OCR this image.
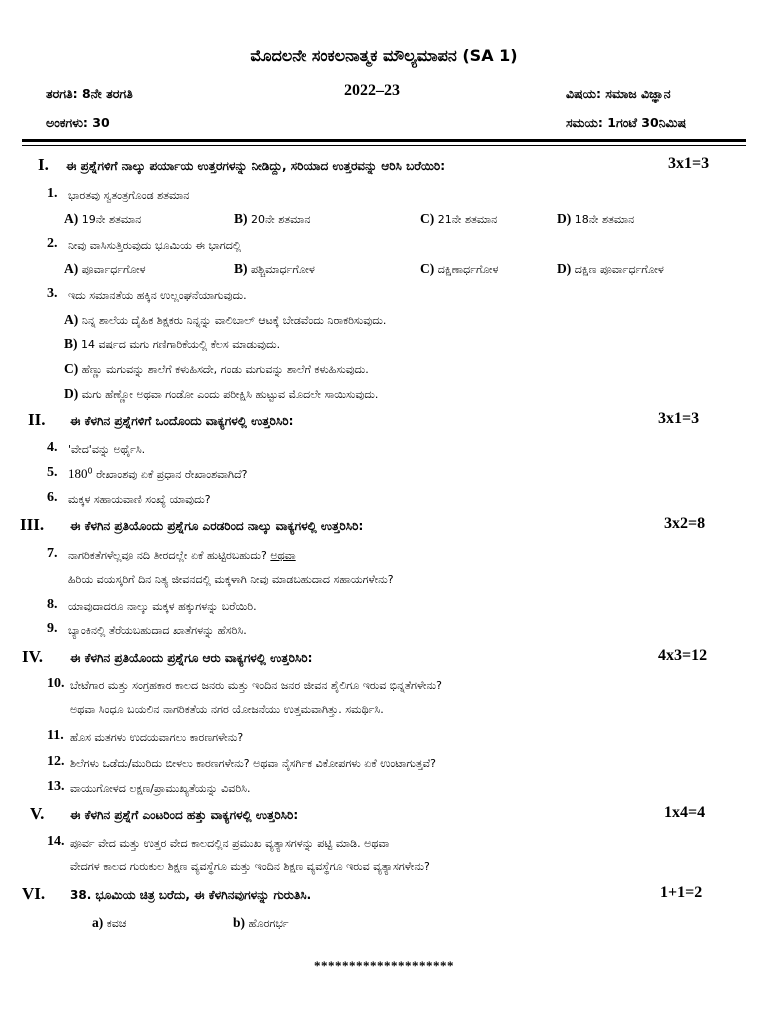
ಮೊದಲನೇ ಸಂಕಲನಾತ್ಮಕ ಮೌಲ್ಯಮಾಪನ (SA 1)
ತರಗತಿ: 8ನೇ ತರಗತಿ	2022–23	ವಿಷಯ: ಸಮಾಜ ವಿಜ್ಞಾನ
ಅಂಕಗಳು: 30	ಸಮಯ: 1ಗಂಟೆ 30ನಿಮಿಷ
I. ಈ ಪ್ರಶ್ನೆಗಳಿಗೆ ನಾಲ್ಕು ಪರ್ಯಾಯ ಉತ್ತರಗಳನ್ನು ನೀಡಿದ್ದು, ಸರಿಯಾದ ಉತ್ತರವನ್ನು ಆರಿಸಿ ಬರೆಯಿರಿ:	3x1=3
1. ಭಾರತವು ಸ್ವತಂತ್ರಗೊಂಡ ಶತಮಾನ
A) 19ನೇ ಶತಮಾನ	B) 20ನೇ ಶತಮಾನ	C) 21ನೇ ಶತಮಾನ	D) 18ನೇ ಶತಮಾನ
2. ನೀವು ವಾಸಿಸುತ್ತಿರುವುದು ಭೂಮಿಯ ಈ ಭಾಗದಲ್ಲಿ
A) ಪೂರ್ವಾರ್ಧಗೋಳ	B) ಪಶ್ಚಿಮಾರ್ಧಗೋಳ	C) ದಕ್ಷಿಣಾರ್ಧಗೋಳ	D) ದಕ್ಷಿಣ ಪೂರ್ವಾರ್ಧಗೋಳ
3. ಇದು ಸಮಾನತೆಯ ಹಕ್ಕಿನ ಉಲ್ಲಂಘನೆಯಾಗುವುದು.
A) ನಿನ್ನ ಶಾಲೆಯ ದೈಹಿಕ ಶಿಕ್ಷಕರು ನಿನ್ನನ್ನು ವಾಲಿಬಾಲ್ ಆಟಕ್ಕೆ ಬೇಡವೆಂದು ನಿರಾಕರಿಸುವುದು.
B) 14 ವರ್ಷದ ಮಗು ಗಣಿಗಾರಿಕೆಯಲ್ಲಿ ಕೆಲಸ ಮಾಡುವುದು.
C) ಹೆಣ್ಣು ಮಗುವನ್ನು ಶಾಲೆಗೆ ಕಳುಹಿಸದೇ, ಗಂಡು ಮಗುವನ್ನು ಶಾಲೆಗೆ ಕಳುಹಿಸುವುದು.
D) ಮಗು ಹೆಣ್ಣೋ ಅಥವಾ ಗಂಡೋ ಎಂದು ಪರೀಕ್ಷಿಸಿ ಹುಟ್ಟುವ ಮೊದಲೇ ಸಾಯಿಸುವುದು.
II. ಈ ಕೆಳಗಿನ ಪ್ರಶ್ನೆಗಳಿಗೆ ಒಂದೊಂದು ವಾಕ್ಯಗಳಲ್ಲಿ ಉತ್ತರಿಸಿರಿ:	3x1=3
4. 'ವೇದ'ವನ್ನು ಅರ್ಥೈಸಿ.
5. $180^0$ ರೇಖಾಂಶವು ಏಕೆ ಪ್ರಧಾನ ರೇಖಾಂಶವಾಗಿದೆ?
6. ಮಕ್ಕಳ ಸಹಾಯವಾಣಿ ಸಂಖ್ಯೆ ಯಾವುದು?
III. ಈ ಕೆಳಗಿನ ಪ್ರತಿಯೊಂದು ಪ್ರಶ್ನೆಗೂ ಎರಡರಿಂದ ನಾಲ್ಕು ವಾಕ್ಯಗಳಲ್ಲಿ ಉತ್ತರಿಸಿರಿ:	3x2=8
7. ನಾಗರಿಕತೆಗಳೆಲ್ಲವೂ ನದಿ ತೀರದಲ್ಲೇ ಏಕೆ ಹುಟ್ಟಿರಬಹುದು? ಅಥವಾ
ಹಿರಿಯ ವಯಸ್ಕರಿಗೆ ದಿನ ನಿತ್ಯ ಜೀವನದಲ್ಲಿ ಮಕ್ಕಳಾಗಿ ನೀವು ಮಾಡಬಹುದಾದ ಸಹಾಯಗಳೇನು?
8. ಯಾವುದಾದರೂ ನಾಲ್ಕು ಮಕ್ಕಳ ಹಕ್ಕುಗಳನ್ನು ಬರೆಯಿರಿ.
9. ಬ್ಯಾಂಕಿನಲ್ಲಿ ತೆರೆಯಬಹುದಾದ ಖಾತೆಗಳನ್ನು ಹೆಸರಿಸಿ.
IV. ಈ ಕೆಳಗಿನ ಪ್ರತಿಯೊಂದು ಪ್ರಶ್ನೆಗೂ ಆರು ವಾಕ್ಯಗಳಲ್ಲಿ ಉತ್ತರಿಸಿರಿ:	4x3=12
10. ಬೇಟೆಗಾರ ಮತ್ತು ಸಂಗ್ರಹಕಾರ ಕಾಲದ ಜನರು ಮತ್ತು ಇಂದಿನ ಜನರ ಜೀವನ ಶೈಲಿಗೂ ಇರುವ ಭಿನ್ನತೆಗಳೇನು?
ಅಥವಾ ಸಿಂಧೂ ಬಯಲಿನ ನಾಗರಿಕತೆಯ ನಗರ ಯೋಜನೆಯು ಉತ್ತಮವಾಗಿತ್ತು. ಸಮರ್ಥಿಸಿ.
11. ಹೊಸ ಮತಗಳು ಉದಯವಾಗಲು ಕಾರಣಗಳೇನು?
12. ಶಿಲೆಗಳು ಒಡೆದು/ಮುರಿದು ಬೀಳಲು ಕಾರಣಗಳೇನು? ಅಥವಾ ನೈಸರ್ಗಿಕ ವಿಕೋಪಗಳು ಏಕೆ ಉಂಟಾಗುತ್ತವೆ?
13. ವಾಯುಗೋಳದ ಲಕ್ಷಣ/ಪ್ರಾಮುಖ್ಯತೆಯನ್ನು ವಿವರಿಸಿ.
V. ಈ ಕೆಳಗಿನ ಪ್ರಶ್ನೆಗೆ ಎಂಟರಿಂದ ಹತ್ತು ವಾಕ್ಯಗಳಲ್ಲಿ ಉತ್ತರಿಸಿರಿ:	1x4=4
14. ಪೂರ್ವ ವೇದ ಮತ್ತು ಉತ್ತರ ವೇದ ಕಾಲದಲ್ಲಿನ ಪ್ರಮುಖ ವ್ಯತ್ಯಾಸಗಳನ್ನು ಪಟ್ಟಿ ಮಾಡಿ. ಅಥವಾ
ವೇದಗಳ ಕಾಲದ ಗುರುಕುಲ ಶಿಕ್ಷಣ ವ್ಯವಸ್ಥೆಗೂ ಮತ್ತು ಇಂದಿನ ಶಿಕ್ಷಣ ವ್ಯವಸ್ಥೆಗೂ ಇರುವ ವ್ಯತ್ಯಾಸಗಳೇನು?
VI. 38. ಭೂಮಿಯ ಚಿತ್ರ ಬರೆದು, ಈ ಕೆಳಗಿನವುಗಳನ್ನು ಗುರುತಿಸಿ.	1+1=2
a) ಕವಚ	b) ಹೊರಗರ್ಭ
********************
